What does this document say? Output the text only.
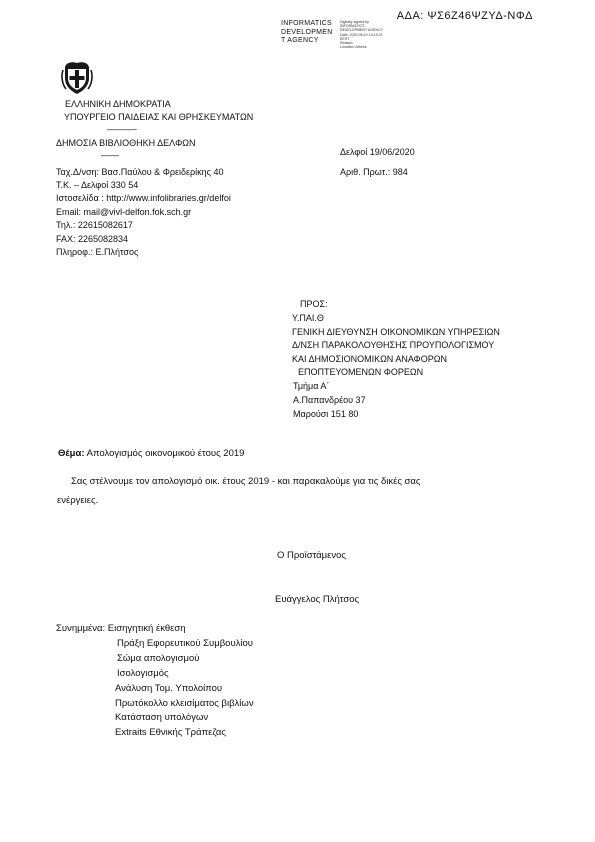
ΑΔΑ: ΨΣ6Ζ46ΨΖΥΔ-ΝΦΔ
INFORMATICS
DEVELOPMEN
T AGENCY
Digitally signed by
INFORMATICS
DEVELOPMENT AGENCY
Date: 2020.06.19 13:15:21
EEST
Reason:
Location: Athens
ΕΛΛΗΝΙΚΗ ΔΗΜΟΚΡΑΤΙΑ
ΥΠΟΥΡΓΕΙΟ ΠΑΙΔΕΙΑΣ ΚΑΙ ΘΡΗΣΚΕΥΜΑΤΩΝ
———-
ΔΗΜΟΣΙΑ ΒΙΒΛΙΟΘΗΚΗ ΔΕΛΦΩΝ
——
Ταχ.Δ/νση: Βασ.Παύλου & Φρειδερίκης 40
Τ.Κ. – Δελφοί 330 54
Ιστοσελίδα : http://www.infolibraries.gr/delfoi
Email: mail@vivl-delfon.fok.sch.gr
Τηλ.: 22615082617
FAX: 2265082834
Πληροφ.: Ε.Πλήτσος
Δελφοί 19/06/2020
Αριθ. Πρωτ.: 984
ΠΡΟΣ:
Υ.ΠΑΙ.Θ
ΓΕΝΙΚΗ ΔΙΕΥΘΥΝΣΗ ΟΙΚΟΝΟΜΙΚΩΝ ΥΠΗΡΕΣΙΩΝ
Δ/ΝΣΗ ΠΑΡΑΚΟΛΟΥΘΗΣΗΣ ΠΡΟΥΠΟΛΟΓΙΣΜΟΥ
ΚΑΙ ΔΗΜΟΣΙΟΝΟΜΙΚΩΝ ΑΝΑΦΟΡΩΝ
ΕΠΟΠΤΕΥΟΜΕΝΩΝ ΦΟΡΕΩΝ
Τμήμα Α΄
Α.Παπανδρέου 37
Μαρούσι 151 80
Θέμα: Απολογισμός οικονομικού έτους 2019
Σας στέλνουμε τον απολογισμό οικ. έτους 2019 - και παρακαλούμε για τις δικές σας
ενέργειες.
Ο Προϊστάμενος
Ευάγγελος Πλήτσος
Συνημμένα: Εισηγητική έκθεση
Πράξη Εφορευτικού Συμβουλίου
Σώμα απολογισμού
Ισολογισμός
Ανάλυση Τομ. Υπολοίπου
Πρωτόκολλο κλεισίματος βιβλίων
Κατάσταση υπολόγων
Extraits Εθνικής Τράπεζας
